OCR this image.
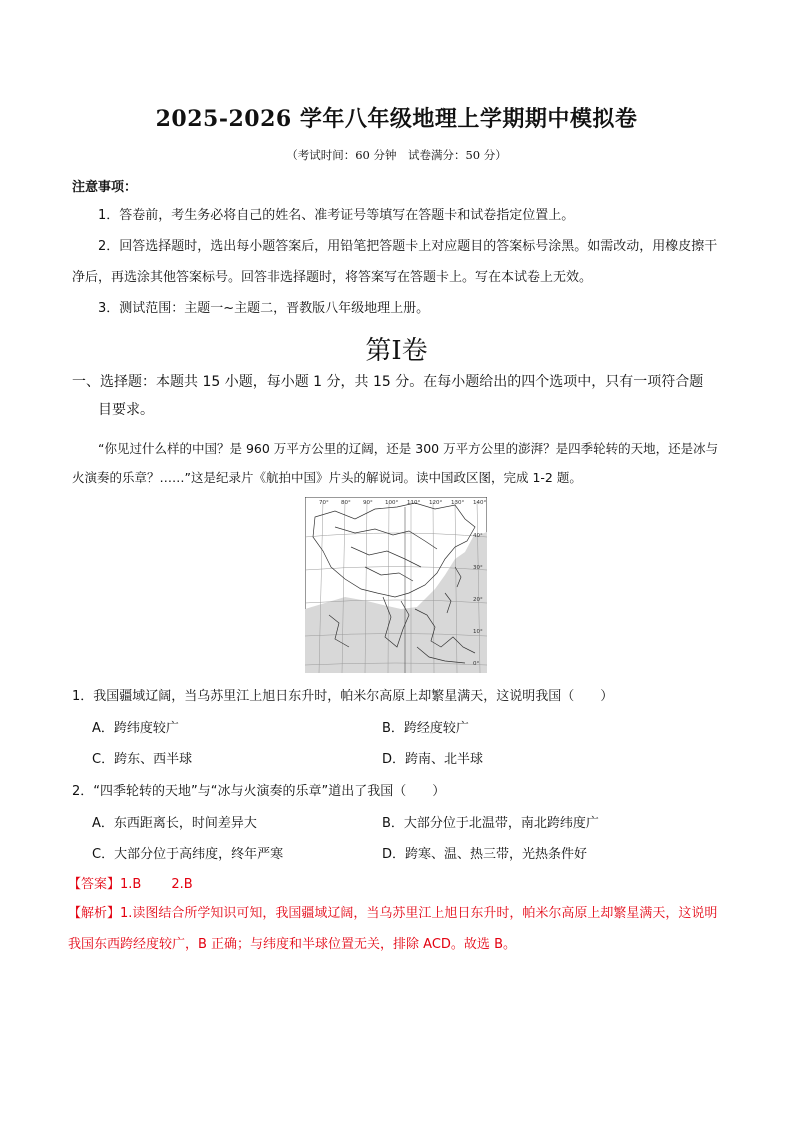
2025-2026 学年八年级地理上学期期中模拟卷
（考试时间：60 分钟　试卷满分：50 分）
注意事项：
1．答卷前，考生务必将自己的姓名、准考证号等填写在答题卡和试卷指定位置上。
2．回答选择题时，选出每小题答案后，用铅笔把答题卡上对应题目的答案标号涂黑。如需改动，用橡皮擦干净后，再选涂其他答案标号。回答非选择题时，将答案写在答题卡上。写在本试卷上无效。
3．测试范围：主题一~主题二，晋教版八年级地理上册。
第I卷
一、选择题：本题共 15 小题，每小题 1 分，共 15 分。在每小题给出的四个选项中，只有一项符合题
目要求。
“你见过什么样的中国？是 960 万平方公里的辽阔，还是 300 万平方公里的澎湃？是四季轮转的天地，还是冰与火演奏的乐章？……”这是纪录片《航拍中国》片头的解说词。读中国政区图，完成 1-2 题。
70° 80° 90° 100° 110° 120° 130° 140°
40°
30°
20°
10°
0°
1．我国疆域辽阔，当乌苏里江上旭日东升时，帕米尔高原上却繁星满天，这说明我国（　　）
A．跨纬度较广	B．跨经度较广
C．跨东、西半球	D．跨南、北半球
2．“四季轮转的天地”与“冰与火演奏的乐章”道出了我国（　　）
A．东西距离长，时间差异大	B．大部分位于北温带，南北跨纬度广
C．大部分位于高纬度，终年严寒	D．跨寒、温、热三带，光热条件好
【答案】1.B 2.B
【解析】1.读图结合所学知识可知，我国疆域辽阔，当乌苏里江上旭日东升时，帕米尔高原上却繁星满天，这说明我国东西跨经度较广，B 正确；与纬度和半球位置无关，排除 ACD。故选 B。
